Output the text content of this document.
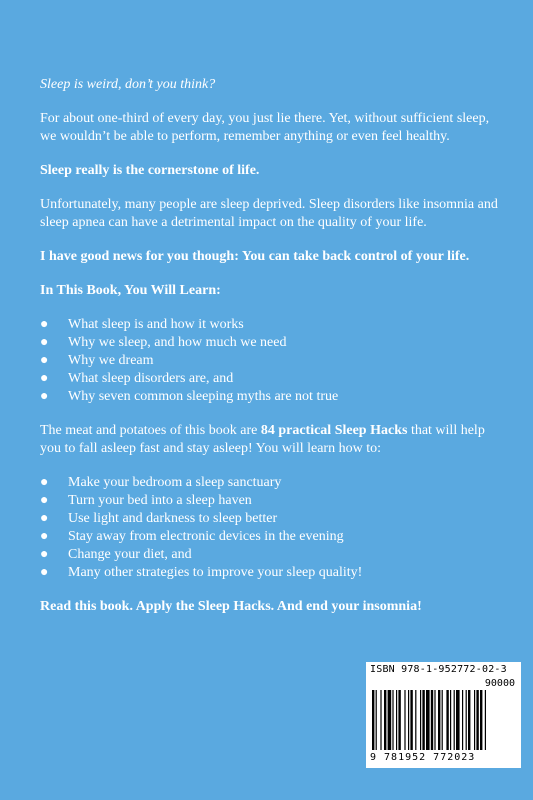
Sleep is weird, don’t you think?

For about one-third of every day, you just lie there. Yet, without sufficient sleep, we wouldn’t be able to perform, remember anything or even feel healthy.

Sleep really is the cornerstone of life.

Unfortunately, many people are sleep deprived. Sleep disorders like insomnia and sleep apnea can have a detrimental impact on the quality of your life.

I have good news for you though: You can take back control of your life.

In This Book, You Will Learn:

● What sleep is and how it works
● Why we sleep, and how much we need
● Why we dream
● What sleep disorders are, and
● Why seven common sleeping myths are not true

The meat and potatoes of this book are 84 practical Sleep Hacks that will help you to fall asleep fast and stay asleep! You will learn how to:

● Make your bedroom a sleep sanctuary
● Turn your bed into a sleep haven
● Use light and darkness to sleep better
● Stay away from electronic devices in the evening
● Change your diet, and
● Many other strategies to improve your sleep quality!

Read this book. Apply the Sleep Hacks. And end your insomnia!

ISBN 978-1-952772-02-3
90000
9 781952 772023
